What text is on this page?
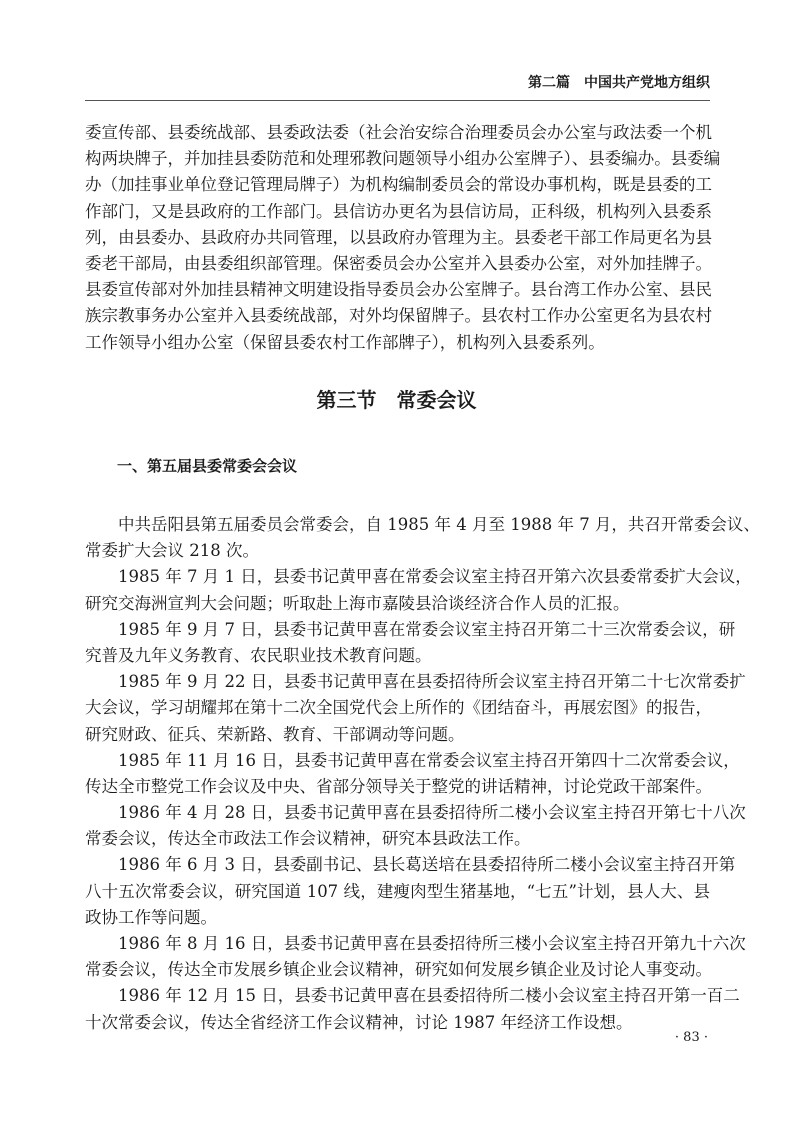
第二篇 中国共产党地方组织
委宣传部、县委统战部、县委政法委（社会治安综合治理委员会办公室与政法委一个机
构两块牌子，并加挂县委防范和处理邪教问题领导小组办公室牌子）、县委编办。县委编
办（加挂事业单位登记管理局牌子）为机构编制委员会的常设办事机构，既是县委的工
作部门，又是县政府的工作部门。县信访办更名为县信访局，正科级，机构列入县委系
列，由县委办、县政府办共同管理，以县政府办管理为主。县委老干部工作局更名为县
委老干部局，由县委组织部管理。保密委员会办公室并入县委办公室，对外加挂牌子。
县委宣传部对外加挂县精神文明建设指导委员会办公室牌子。县台湾工作办公室、县民
族宗教事务办公室并入县委统战部，对外均保留牌子。县农村工作办公室更名为县农村
工作领导小组办公室（保留县委农村工作部牌子），机构列入县委系列。
第三节　常委会议
一、第五届县委常委会会议
中共岳阳县第五届委员会常委会，自 1985 年 4 月至 1988 年 7 月，共召开常委会议、
常委扩大会议 218 次。
1985 年 7 月 1 日，县委书记黄甲喜在常委会议室主持召开第六次县委常委扩大会议，
研究交海洲宣判大会问题；听取赴上海市嘉陵县洽谈经济合作人员的汇报。
1985 年 9 月 7 日，县委书记黄甲喜在常委会议室主持召开第二十三次常委会议，研
究普及九年义务教育、农民职业技术教育问题。
1985 年 9 月 22 日，县委书记黄甲喜在县委招待所会议室主持召开第二十七次常委扩
大会议，学习胡耀邦在第十二次全国党代会上所作的《团结奋斗，再展宏图》的报告，
研究财政、征兵、荣新路、教育、干部调动等问题。
1985 年 11 月 16 日，县委书记黄甲喜在常委会议室主持召开第四十二次常委会议，
传达全市整党工作会议及中央、省部分领导关于整党的讲话精神，讨论党政干部案件。
1986 年 4 月 28 日，县委书记黄甲喜在县委招待所二楼小会议室主持召开第七十八次
常委会议，传达全市政法工作会议精神，研究本县政法工作。
1986 年 6 月 3 日，县委副书记、县长葛送培在县委招待所二楼小会议室主持召开第
八十五次常委会议，研究国道 107 线，建瘦肉型生猪基地，“七五”计划，县人大、县
政协工作等问题。
1986 年 8 月 16 日，县委书记黄甲喜在县委招待所三楼小会议室主持召开第九十六次
常委会议，传达全市发展乡镇企业会议精神，研究如何发展乡镇企业及讨论人事变动。
1986 年 12 月 15 日，县委书记黄甲喜在县委招待所二楼小会议室主持召开第一百二
十次常委会议，传达全省经济工作会议精神，讨论 1987 年经济工作设想。
· 83 ·
